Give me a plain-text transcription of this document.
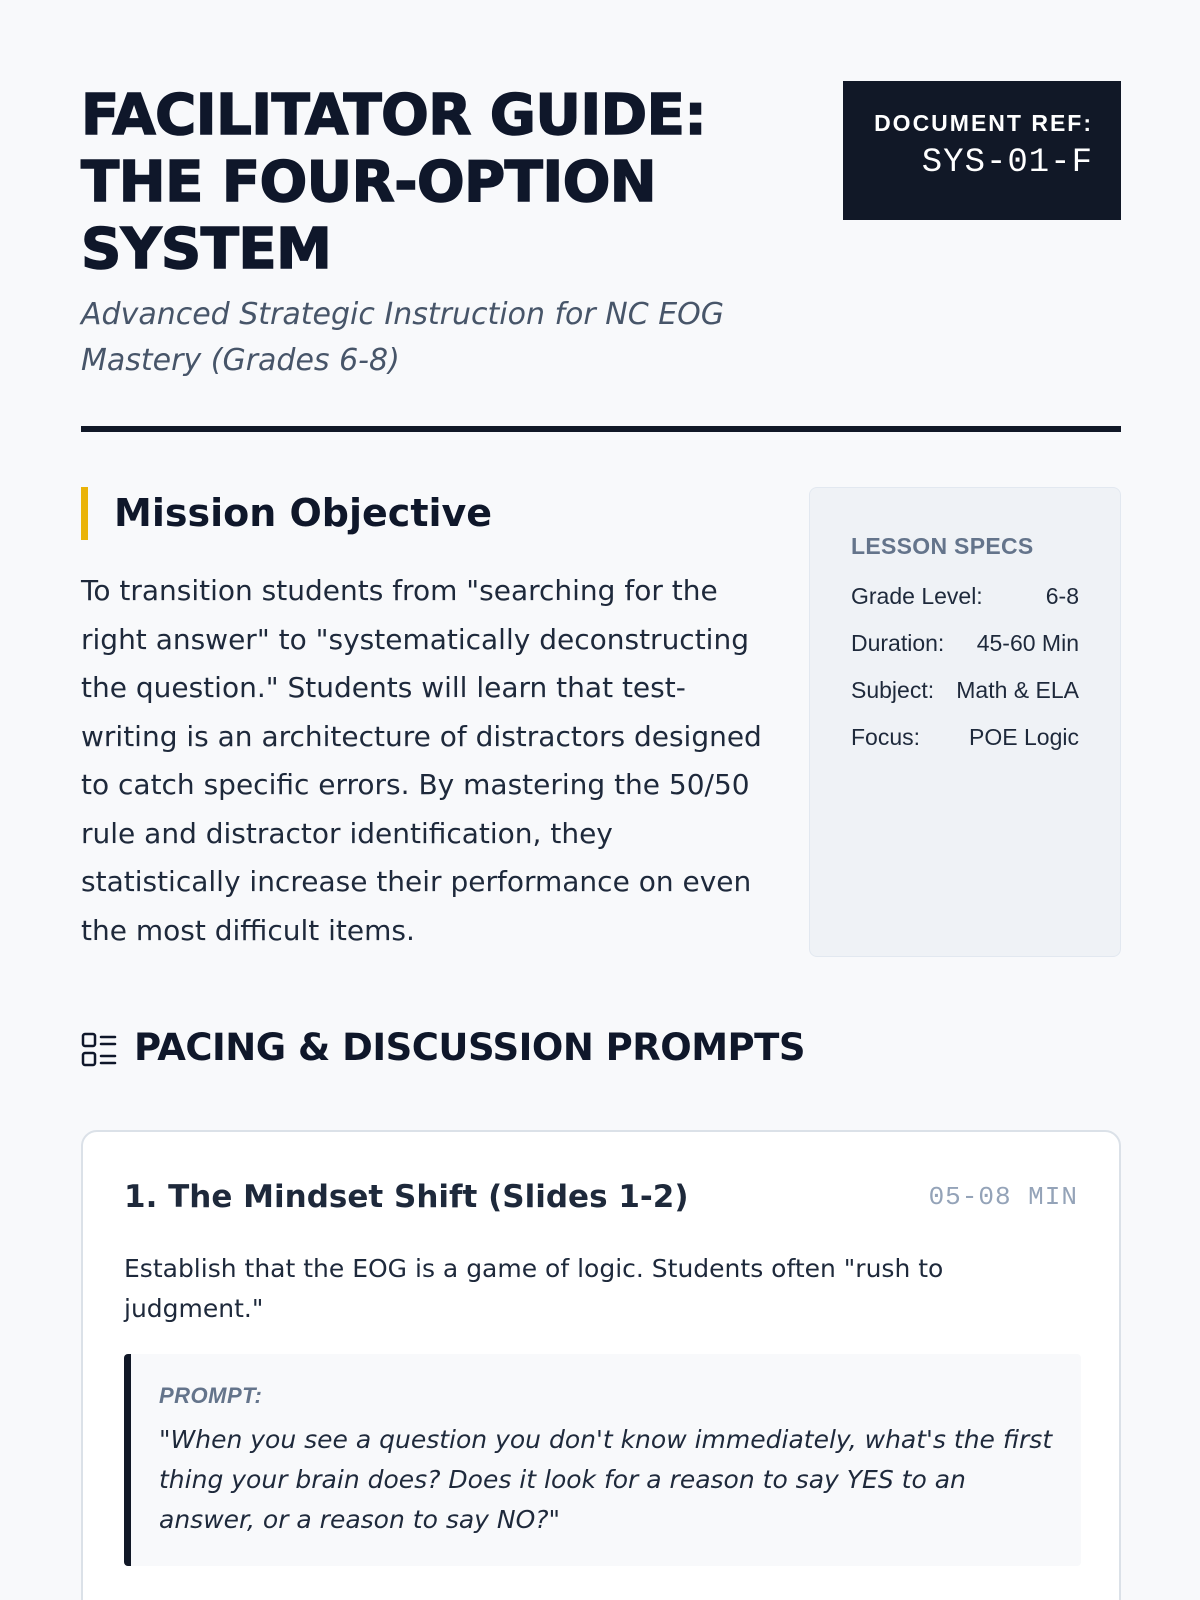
FACILITATOR GUIDE: THE FOUR-OPTION SYSTEM

Advanced Strategic Instruction for NC EOG Mastery (Grades 6-8)

DOCUMENT REF:
SYS-01-F
Mission Objective

To transition students from "searching for the right answer" to "systematically deconstructing the question." Students will learn that test-writing is an architecture of distractors designed to catch specific errors. By mastering the 50/50 rule and distractor identification, they statistically increase their performance on even the most difficult items.

LESSON SPECS
Grade Level:	6-8
Duration: 45-60 Min
Subject: Math & ELA
Focus: POE Logic
PACING & DISCUSSION PROMPTS
1. The Mindset Shift (Slides 1-2)	05-08 MIN

Establish that the EOG is a game of logic. Students often "rush to judgment."

PROMPT:

"When you see a question you don't know immediately, what's the first thing your brain does? Does it look for a reason to say YES to an answer, or a reason to say NO?"
